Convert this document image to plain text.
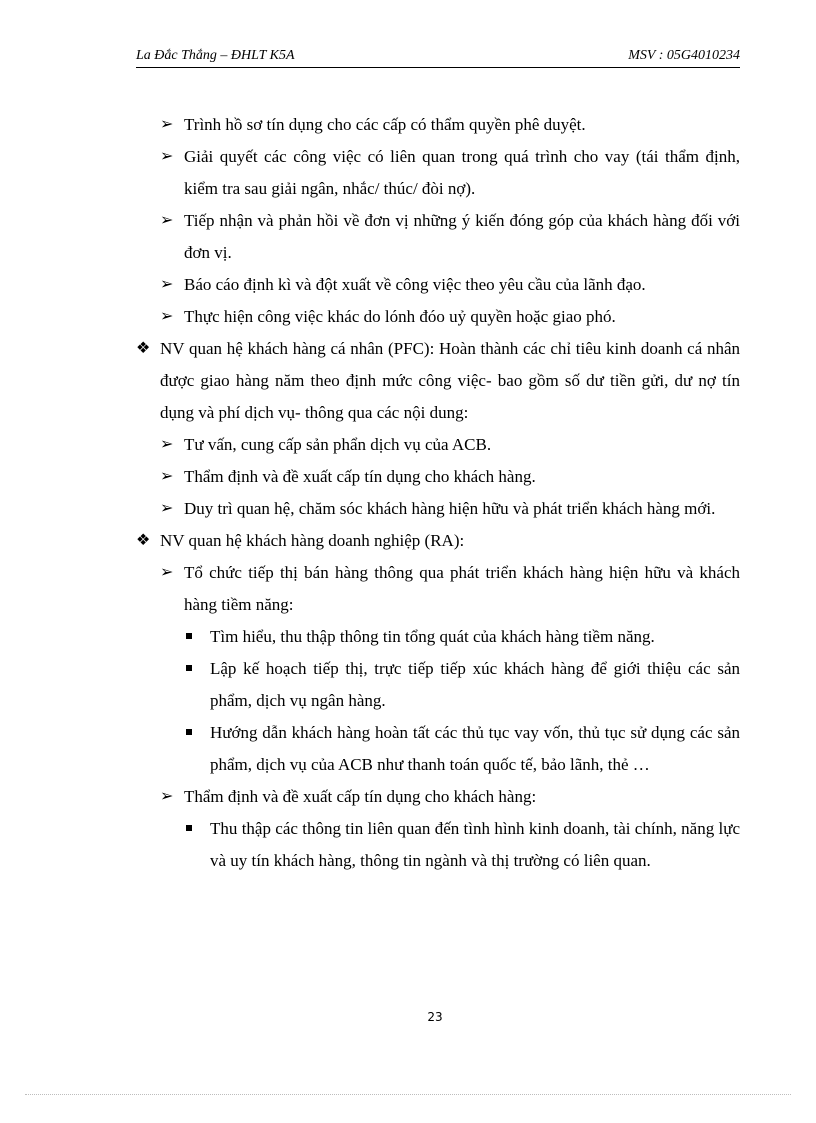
La Đắc Thắng – ĐHLT K5A	MSV : 05G4010234
➢ Trình hồ sơ tín dụng cho các cấp có thẩm quyền phê duyệt.
➢ Giải quyết các công việc có liên quan trong quá trình cho vay (tái thẩm định, kiểm tra sau giải ngân, nhắc/ thúc/ đòi nợ).
➢ Tiếp nhận và phản hồi về đơn vị những ý kiến đóng góp của khách hàng đối với đơn vị.
➢ Báo cáo định kì và đột xuất về công việc theo yêu cầu của lãnh đạo.
➢ Thực hiện công việc khác do lónh đóo uỷ quyền hoặc giao phó.
❖ NV quan hệ khách hàng cá nhân (PFC): Hoàn thành các chỉ tiêu kinh doanh cá nhân được giao hàng năm theo định mức công việc- bao gồm số dư tiền gửi, dư nợ tín dụng và phí dịch vụ- thông qua các nội dung:
➢ Tư vấn, cung cấp sản phẩn dịch vụ của ACB.
➢ Thẩm định và đề xuất cấp tín dụng cho khách hàng.
➢ Duy trì quan hệ, chăm sóc khách hàng hiện hữu và phát triển khách hàng mới.
❖ NV quan hệ khách hàng doanh nghiệp (RA):
➢ Tổ chức tiếp thị bán hàng thông qua phát triển khách hàng hiện hữu và khách hàng tiềm năng:
Tìm hiểu, thu thập thông tin tổng quát của khách hàng tiềm năng.
Lập kế hoạch tiếp thị, trực tiếp tiếp xúc khách hàng để giới thiệu các sản phẩm, dịch vụ ngân hàng.
Hướng dẫn khách hàng hoàn tất các thủ tục vay vốn, thủ tục sử dụng các sản phẩm, dịch vụ của ACB như thanh toán quốc tế, bảo lãnh, thẻ …
➢ Thẩm định và đề xuất cấp tín dụng cho khách hàng:
Thu thập các thông tin liên quan đến tình hình kinh doanh, tài chính, năng lực và uy tín khách hàng, thông tin ngành và thị trường có liên quan.
23
